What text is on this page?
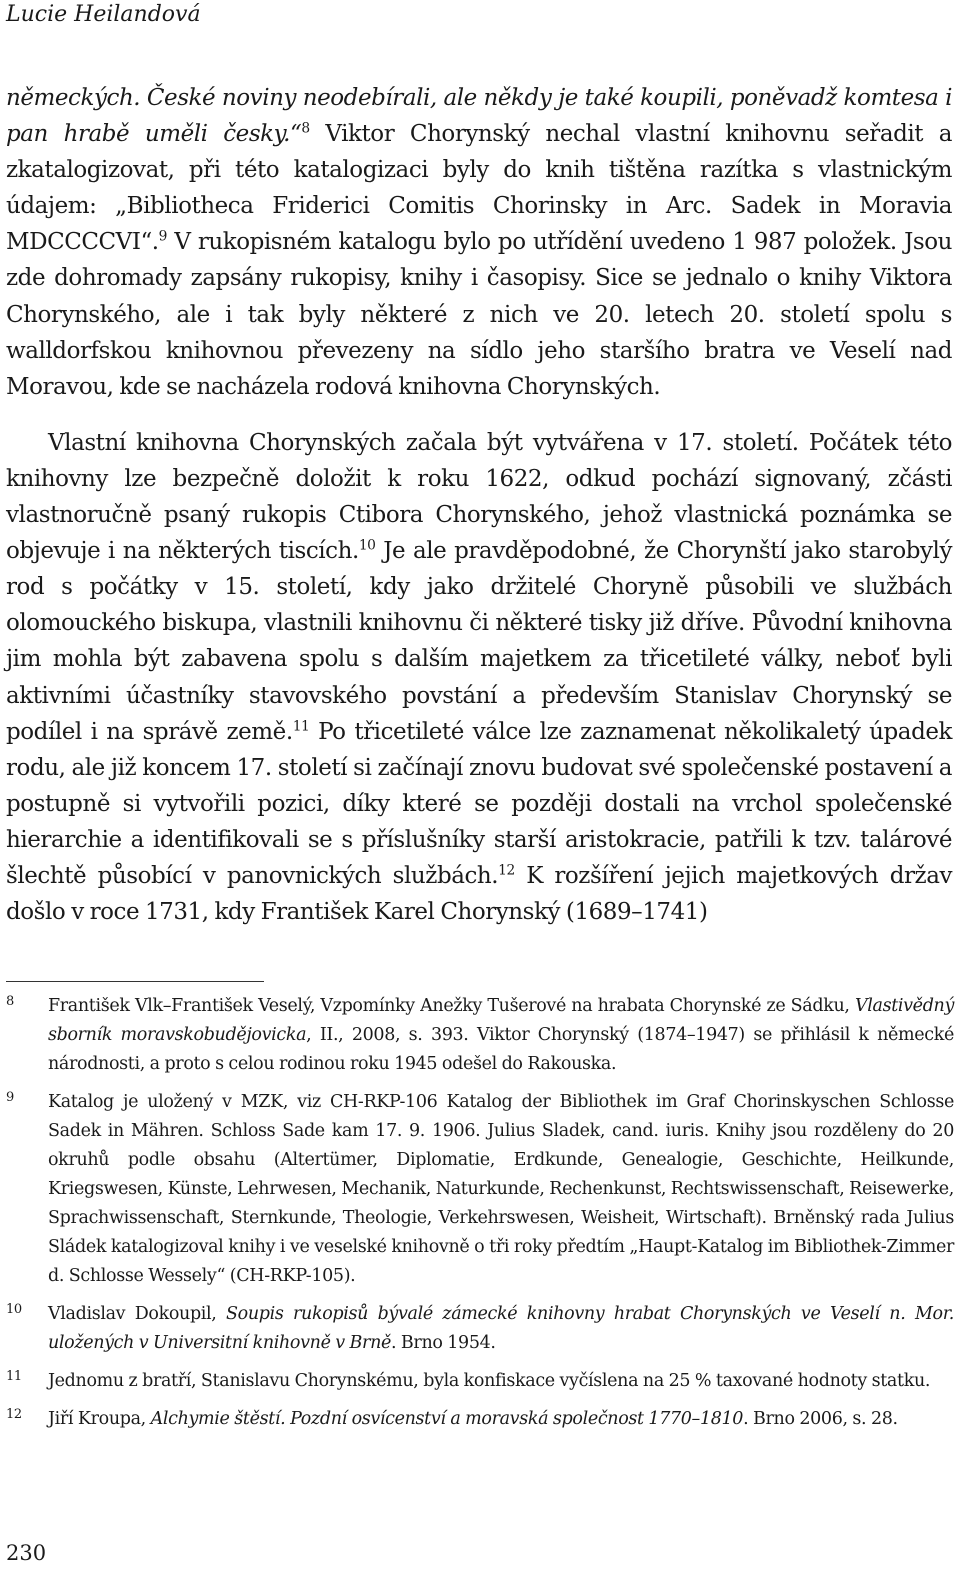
Lucie Heilandová

německých. České noviny neodebírali, ale někdy je také koupili, poněvadž komtesa i pan hrabě uměli česky.“$^8$ Viktor Chorynský nechal vlastní knihovnu seřadit a zkatalogizovat, při této katalogizaci byly do knih tištěna razítka s vlastnickým údajem: „Bibliotheca Friderici Comitis Chorinsky in Arc. Sadek in Moravia MDCCCCVI“.$^9$ V rukopisném katalogu bylo po utřídění uvedeno 1 987 položek. Jsou zde dohromady zapsány rukopisy, knihy i časopisy. Sice se jednalo o knihy Viktora Chorynského, ale i tak byly některé z nich ve 20. letech 20. století spolu s walldorfskou knihovnou převezeny na sídlo jeho staršího bratra ve Veselí nad Moravou, kde se nacházela rodová knihovna Chorynských.

Vlastní knihovna Chorynských začala být vytvářena v 17. století. Počátek této knihovny lze bezpečně doložit k roku 1622, odkud pochází signovaný, zčásti vlastnoručně psaný rukopis Ctibora Chorynského, jehož vlastnická poznámka se objevuje i na některých tiscích.$^{10}$ Je ale pravděpodobné, že Chorynští jako starobylý rod s počátky v 15. století, kdy jako držitelé Choryně působili ve službách olomouckého biskupa, vlastnili knihovnu či některé tisky již dříve. Původní knihovna jim mohla být zabavena spolu s dalším majetkem za třicetileté války, neboť byli aktivními účastníky stavovského povstání a především Stanislav Chorynský se podílel i na správě země.$^{11}$ Po třicetileté válce lze zaznamenat několikaletý úpadek rodu, ale již koncem 17. století si začínají znovu budovat své společenské postavení a postupně si vytvořili pozici, díky které se později dostali na vrchol společenské hierarchie a identifikovali se s příslušníky starší aristokracie, patřili k tzv. talárové šlechtě působící v panovnických službách.$^{12}$ K rozšíření jejich majetkových držav došlo v roce 1731, kdy František Karel Chorynský (1689–1741)

8 František Vlk–František Veselý, Vzpomínky Anežky Tušerové na hrabata Chorynské ze Sádku, Vlastivědný sborník moravskobudějovicka, II., 2008, s. 393. Viktor Chorynský (1874–1947) se přihlásil k německé národnosti, a proto s celou rodinou roku 1945 odešel do Rakouska.
9 Katalog je uložený v MZK, viz CH-RKP-106 Katalog der Bibliothek im Graf Chorinskyschen Schlosse Sadek in Mähren. Schloss Sade kam 17. 9. 1906. Julius Sladek, cand. iuris. Knihy jsou rozděleny do 20 okruhů podle obsahu (Altertümer, Diplomatie, Erdkunde, Genealogie, Geschichte, Heilkunde, Kriegswesen, Künste, Lehrwesen, Mechanik, Naturkunde, Rechenkunst, Rechtswissenschaft, Reisewerke, Sprachwissenschaft, Sternkunde, Theologie, Verkehrswesen, Weisheit, Wirtschaft). Brněnský rada Julius Sládek katalogizoval knihy i ve veselské knihovně o tři roky předtím „Haupt-Katalog im Bibliothek-Zimmer d. Schlosse Wessely“ (CH-RKP-105).
10 Vladislav Dokoupil, Soupis rukopisů bývalé zámecké knihovny hrabat Chorynských ve Veselí n. Mor. uložených v Universitní knihovně v Brně. Brno 1954.
11 Jednomu z bratří, Stanislavu Chorynskému, byla konfiskace vyčíslena na 25 % taxované hodnoty statku.
12 Jiří Kroupa, Alchymie štěstí. Pozdní osvícenství a moravská společnost 1770–1810. Brno 2006, s. 28.
230
